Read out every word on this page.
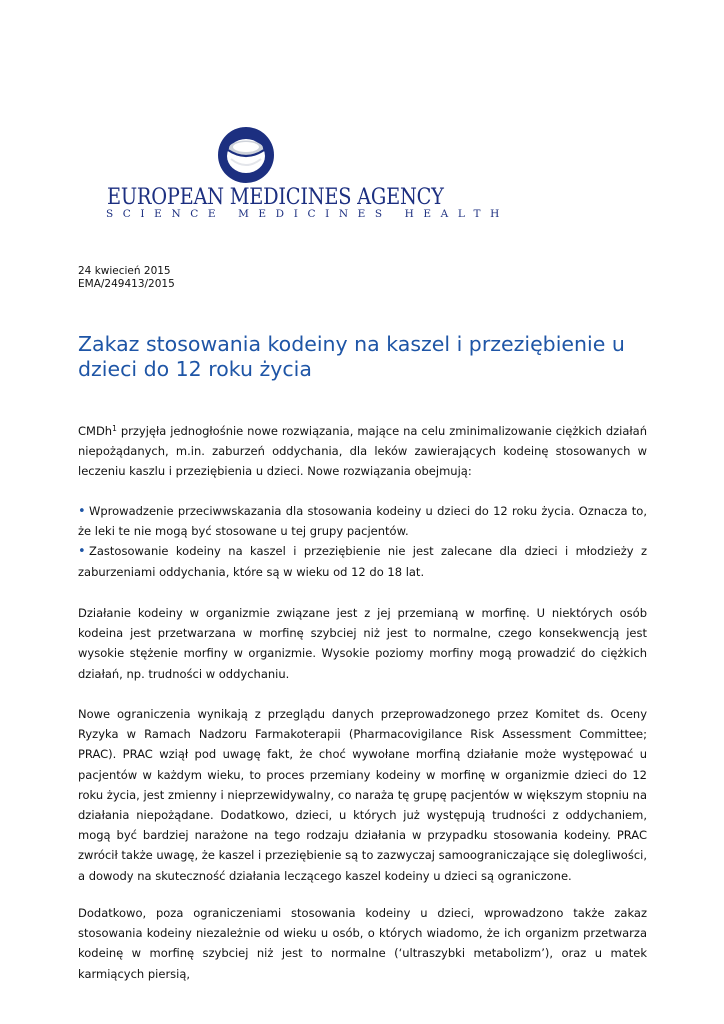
EUROPEAN MEDICINES AGENCY
SCIENCE MEDICINES HEALTH
24 kwiecień 2015
EMA/249413/2015
Zakaz stosowania kodeiny na kaszel i przeziębienie u dzieci do 12 roku życia

CMDh$^1$ przyjęła jednogłośnie nowe rozwiązania, mające na celu zminimalizowanie ciężkich działań niepożądanych, m.in. zaburzeń oddychania, dla leków zawierających kodeinę stosowanych w leczeniu kaszlu i przeziębienia u dzieci. Nowe rozwiązania obejmują:

• Wprowadzenie przeciwwskazania dla stosowania kodeiny u dzieci do 12 roku życia. Oznacza to, że leki te nie mogą być stosowane u tej grupy pacjentów.
• Zastosowanie kodeiny na kaszel i przeziębienie nie jest zalecane dla dzieci i młodzieży z zaburzeniami oddychania, które są w wieku od 12 do 18 lat.

Działanie kodeiny w organizmie związane jest z jej przemianą w morfinę. U niektórych osób kodeina jest przetwarzana w morfinę szybciej niż jest to normalne, czego konsekwencją jest wysokie stężenie morfiny w organizmie. Wysokie poziomy morfiny mogą prowadzić do ciężkich działań, np. trudności w oddychaniu.

Nowe ograniczenia wynikają z przeglądu danych przeprowadzonego przez Komitet ds. Oceny Ryzyka w Ramach Nadzoru Farmakoterapii (Pharmacovigilance Risk Assessment Committee; PRAC). PRAC wziął pod uwagę fakt, że choć wywołane morfiną działanie może występować u pacjentów w każdym wieku, to proces przemiany kodeiny w morfinę w organizmie dzieci do 12 roku życia, jest zmienny i nieprzewidywalny, co naraża tę grupę pacjentów w większym stopniu na działania niepożądane. Dodatkowo, dzieci, u których już występują trudności z oddychaniem, mogą być bardziej narażone na tego rodzaju działania w przypadku stosowania kodeiny. PRAC zwrócił także uwagę, że kaszel i przeziębienie są to zazwyczaj samoograniczające się dolegliwości, a dowody na skuteczność działania leczącego kaszel kodeiny u dzieci są ograniczone.

Dodatkowo, poza ograniczeniami stosowania kodeiny u dzieci, wprowadzono także zakaz stosowania kodeiny niezależnie od wieku u osób, o których wiadomo, że ich organizm przetwarza kodeinę w morfinę szybciej niż jest to normalne (‘ultraszybki metabolizm’), oraz u matek karmiących piersią,
